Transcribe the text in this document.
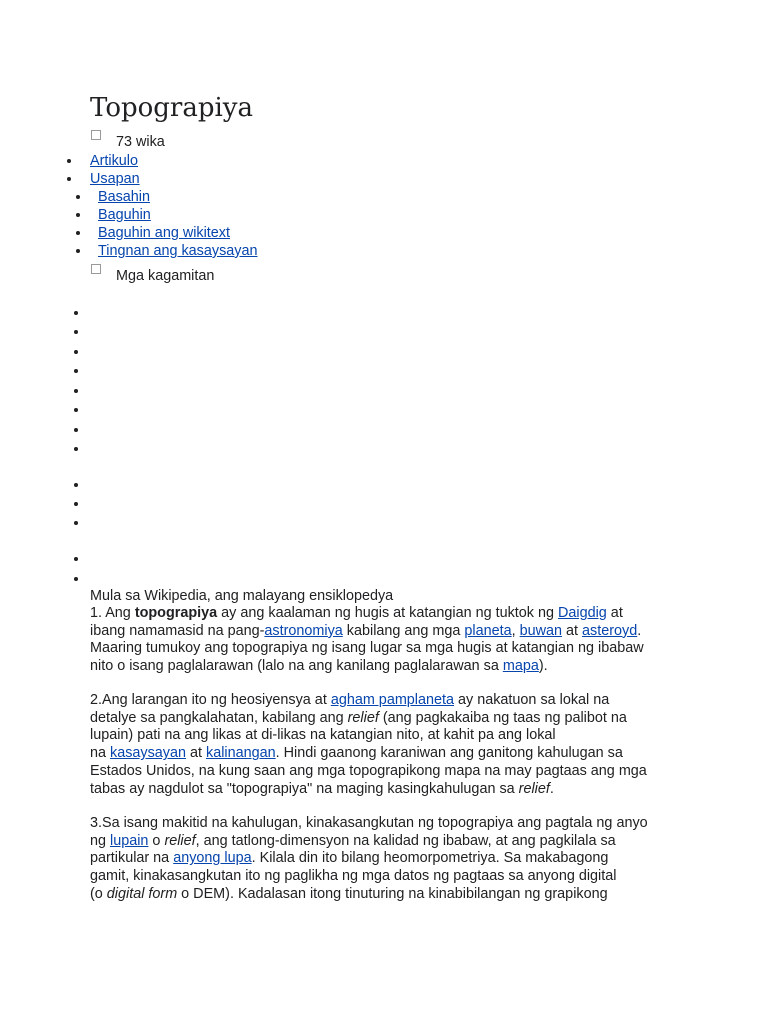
Topograpiya
73 wika
Artikulo
Usapan
Basahin
Baguhin
Baguhin ang wikitext
Tingnan ang kasaysayan
Mga kagamitan
Mula sa Wikipedia, ang malayang ensiklopedya
1. Ang topograpiya ay ang kaalaman ng hugis at katangian ng tuktok ng Daigdig at
ibang namamasid na pang-astronomiya kabilang ang mga planeta, buwan at asteroyd.
Maaring tumukoy ang topograpiya ng isang lugar sa mga hugis at katangian ng ibabaw
nito o isang paglalarawan (lalo na ang kanilang paglalarawan sa mapa).
2.Ang larangan ito ng heosiyensya at agham pamplaneta ay nakatuon sa lokal na
detalye sa pangkalahatan, kabilang ang relief (ang pagkakaiba ng taas ng palibot na
lupain) pati na ang likas at di-likas na katangian nito, at kahit pa ang lokal
na kasaysayan at kalinangan. Hindi gaanong karaniwan ang ganitong kahulugan sa
Estados Unidos, na kung saan ang mga topograpikong mapa na may pagtaas ang mga
tabas ay nagdulot sa "topograpiya" na maging kasingkahulugan sa relief.
3.Sa isang makitid na kahulugan, kinakasangkutan ng topograpiya ang pagtala ng anyo
ng lupain o relief, ang tatlong-dimensyon na kalidad ng ibabaw, at ang pagkilala sa
partikular na anyong lupa. Kilala din ito bilang heomorpometriya. Sa makabagong
gamit, kinakasangkutan ito ng paglikha ng mga datos ng pagtaas sa anyong digital
(o digital form o DEM). Kadalasan itong tinuturing na kinabibilangan ng grapikong
